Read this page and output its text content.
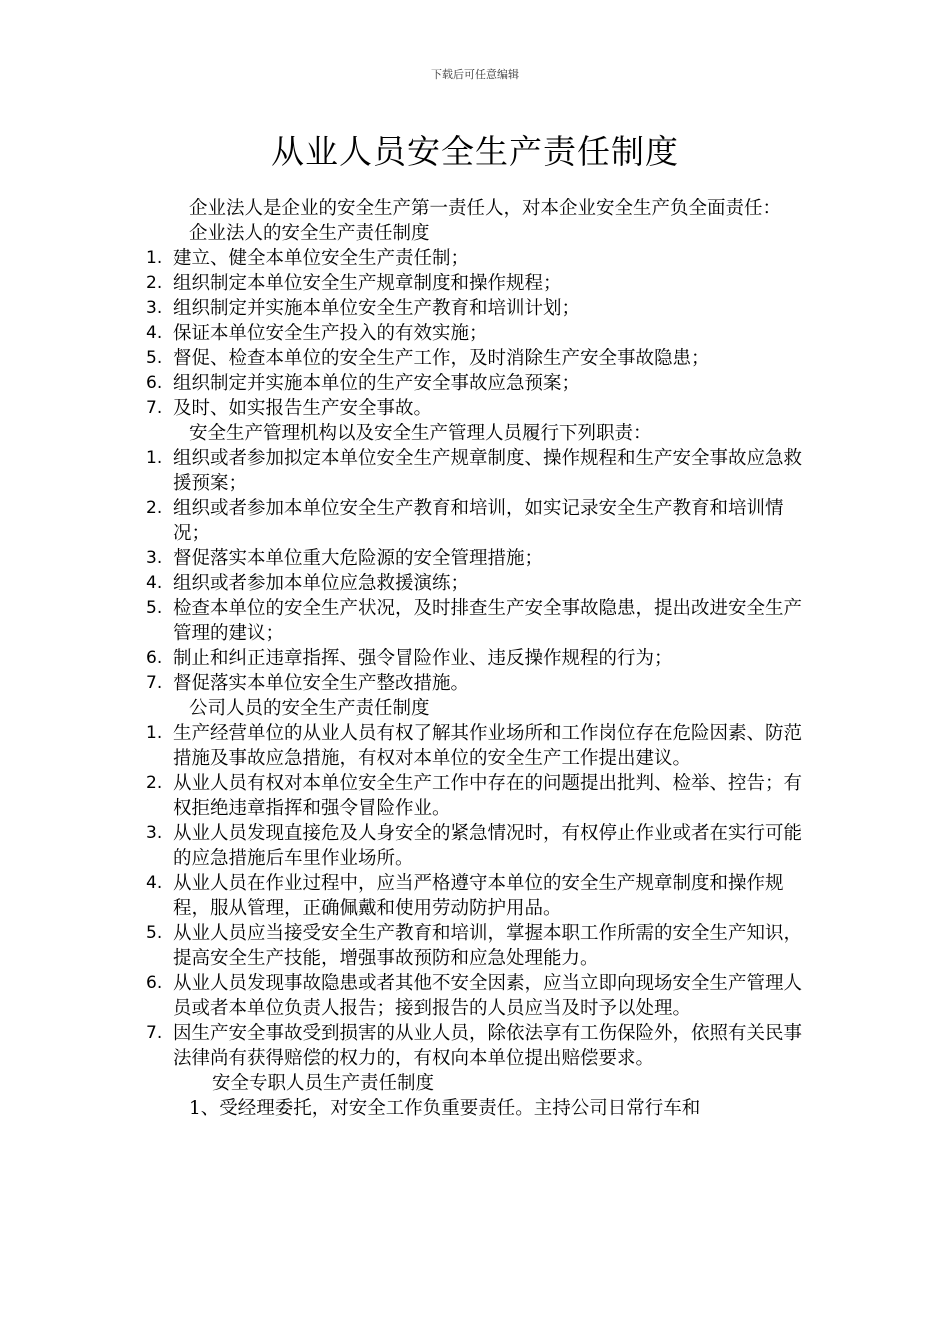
下载后可任意编辑
从业人员安全生产责任制度

企业法人是企业的安全生产第一责任人，对本企业安全生产负全面责任：

企业法人的安全生产责任制度

1. 建立、健全本单位安全生产责任制；
2. 组织制定本单位安全生产规章制度和操作规程；
3. 组织制定并实施本单位安全生产教育和培训计划；
4. 保证本单位安全生产投入的有效实施；
5. 督促、检查本单位的安全生产工作，及时消除生产安全事故隐患；
6. 组织制定并实施本单位的生产安全事故应急预案；
7. 及时、如实报告生产安全事故。

安全生产管理机构以及安全生产管理人员履行下列职责：

1. 组织或者参加拟定本单位安全生产规章制度、操作规程和生产安全事故应急救援预案；
2. 组织或者参加本单位安全生产教育和培训，如实记录安全生产教育和培训情况；
3. 督促落实本单位重大危险源的安全管理措施；
4. 组织或者参加本单位应急救援演练；
5. 检查本单位的安全生产状况，及时排查生产安全事故隐患，提出改进安全生产管理的建议；
6. 制止和纠正违章指挥、强令冒险作业、违反操作规程的行为；
7. 督促落实本单位安全生产整改措施。

公司人员的安全生产责任制度

1. 生产经营单位的从业人员有权了解其作业场所和工作岗位存在危险因素、防范措施及事故应急措施，有权对本单位的安全生产工作提出建议。
2. 从业人员有权对本单位安全生产工作中存在的问题提出批判、检举、控告；有权拒绝违章指挥和强令冒险作业。
3. 从业人员发现直接危及人身安全的紧急情况时，有权停止作业或者在实行可能的应急措施后车里作业场所。
4. 从业人员在作业过程中，应当严格遵守本单位的安全生产规章制度和操作规程，服从管理，正确佩戴和使用劳动防护用品。
5. 从业人员应当接受安全生产教育和培训，掌握本职工作所需的安全生产知识，提高安全生产技能，增强事故预防和应急处理能力。
6. 从业人员发现事故隐患或者其他不安全因素，应当立即向现场安全生产管理人员或者本单位负责人报告；接到报告的人员应当及时予以处理。
7. 因生产安全事故受到损害的从业人员，除依法享有工伤保险外，依照有关民事法律尚有获得赔偿的权力的，有权向本单位提出赔偿要求。

安全专职人员生产责任制度

1、受经理委托，对安全工作负重要责任。主持公司日常行车和
